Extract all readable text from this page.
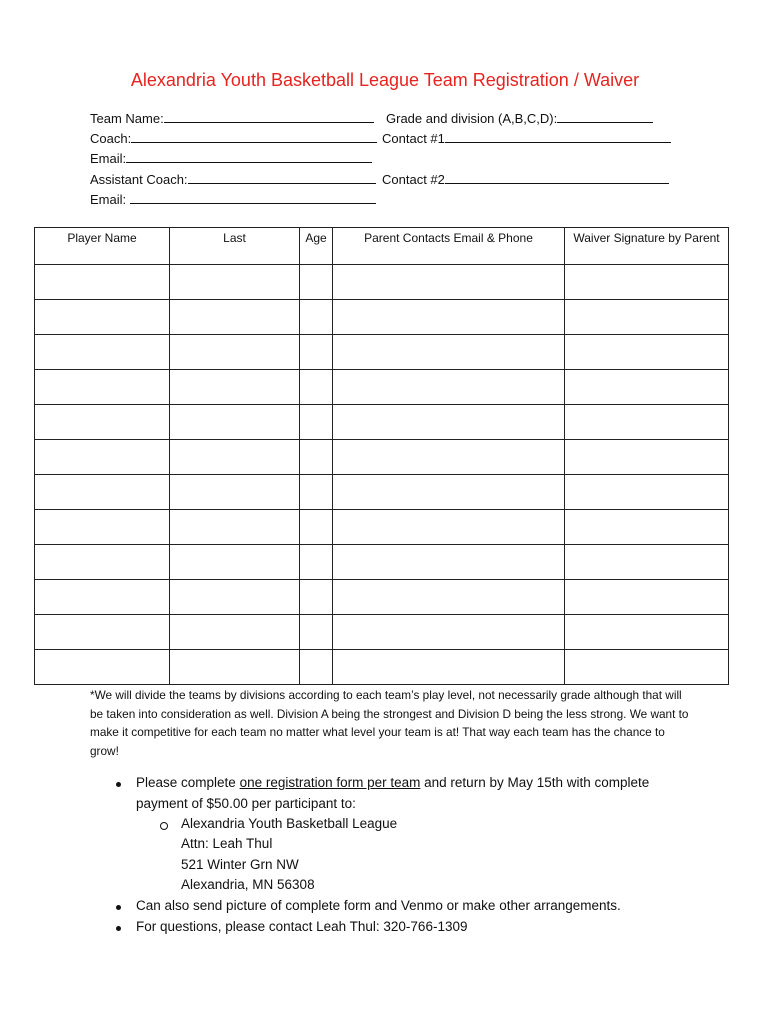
Alexandria Youth Basketball League Team Registration / Waiver
Team Name:	Grade and division (A,B,C,D):
Coach:	Contact #1
Email:
Assistant Coach:	Contact #2
Email:
Player Name	Last	Age	Parent Contacts Email & Phone	Waiver Signature by Parent

*We will divide the teams by divisions according to each team’s play level, not necessarily grade although that will be taken into consideration as well. Division A being the strongest and Division D being the less strong. We want to make it competitive for each team no matter what level your team is at! That way each team has the chance to grow!
Please complete one registration form per team and return by May 15th with complete
payment of $50.00 per participant to:
Alexandria Youth Basketball League
Attn: Leah Thul
521 Winter Grn NW
Alexandria, MN 56308
Can also send picture of complete form and Venmo or make other arrangements.
For questions, please contact Leah Thul: 320-766-1309
